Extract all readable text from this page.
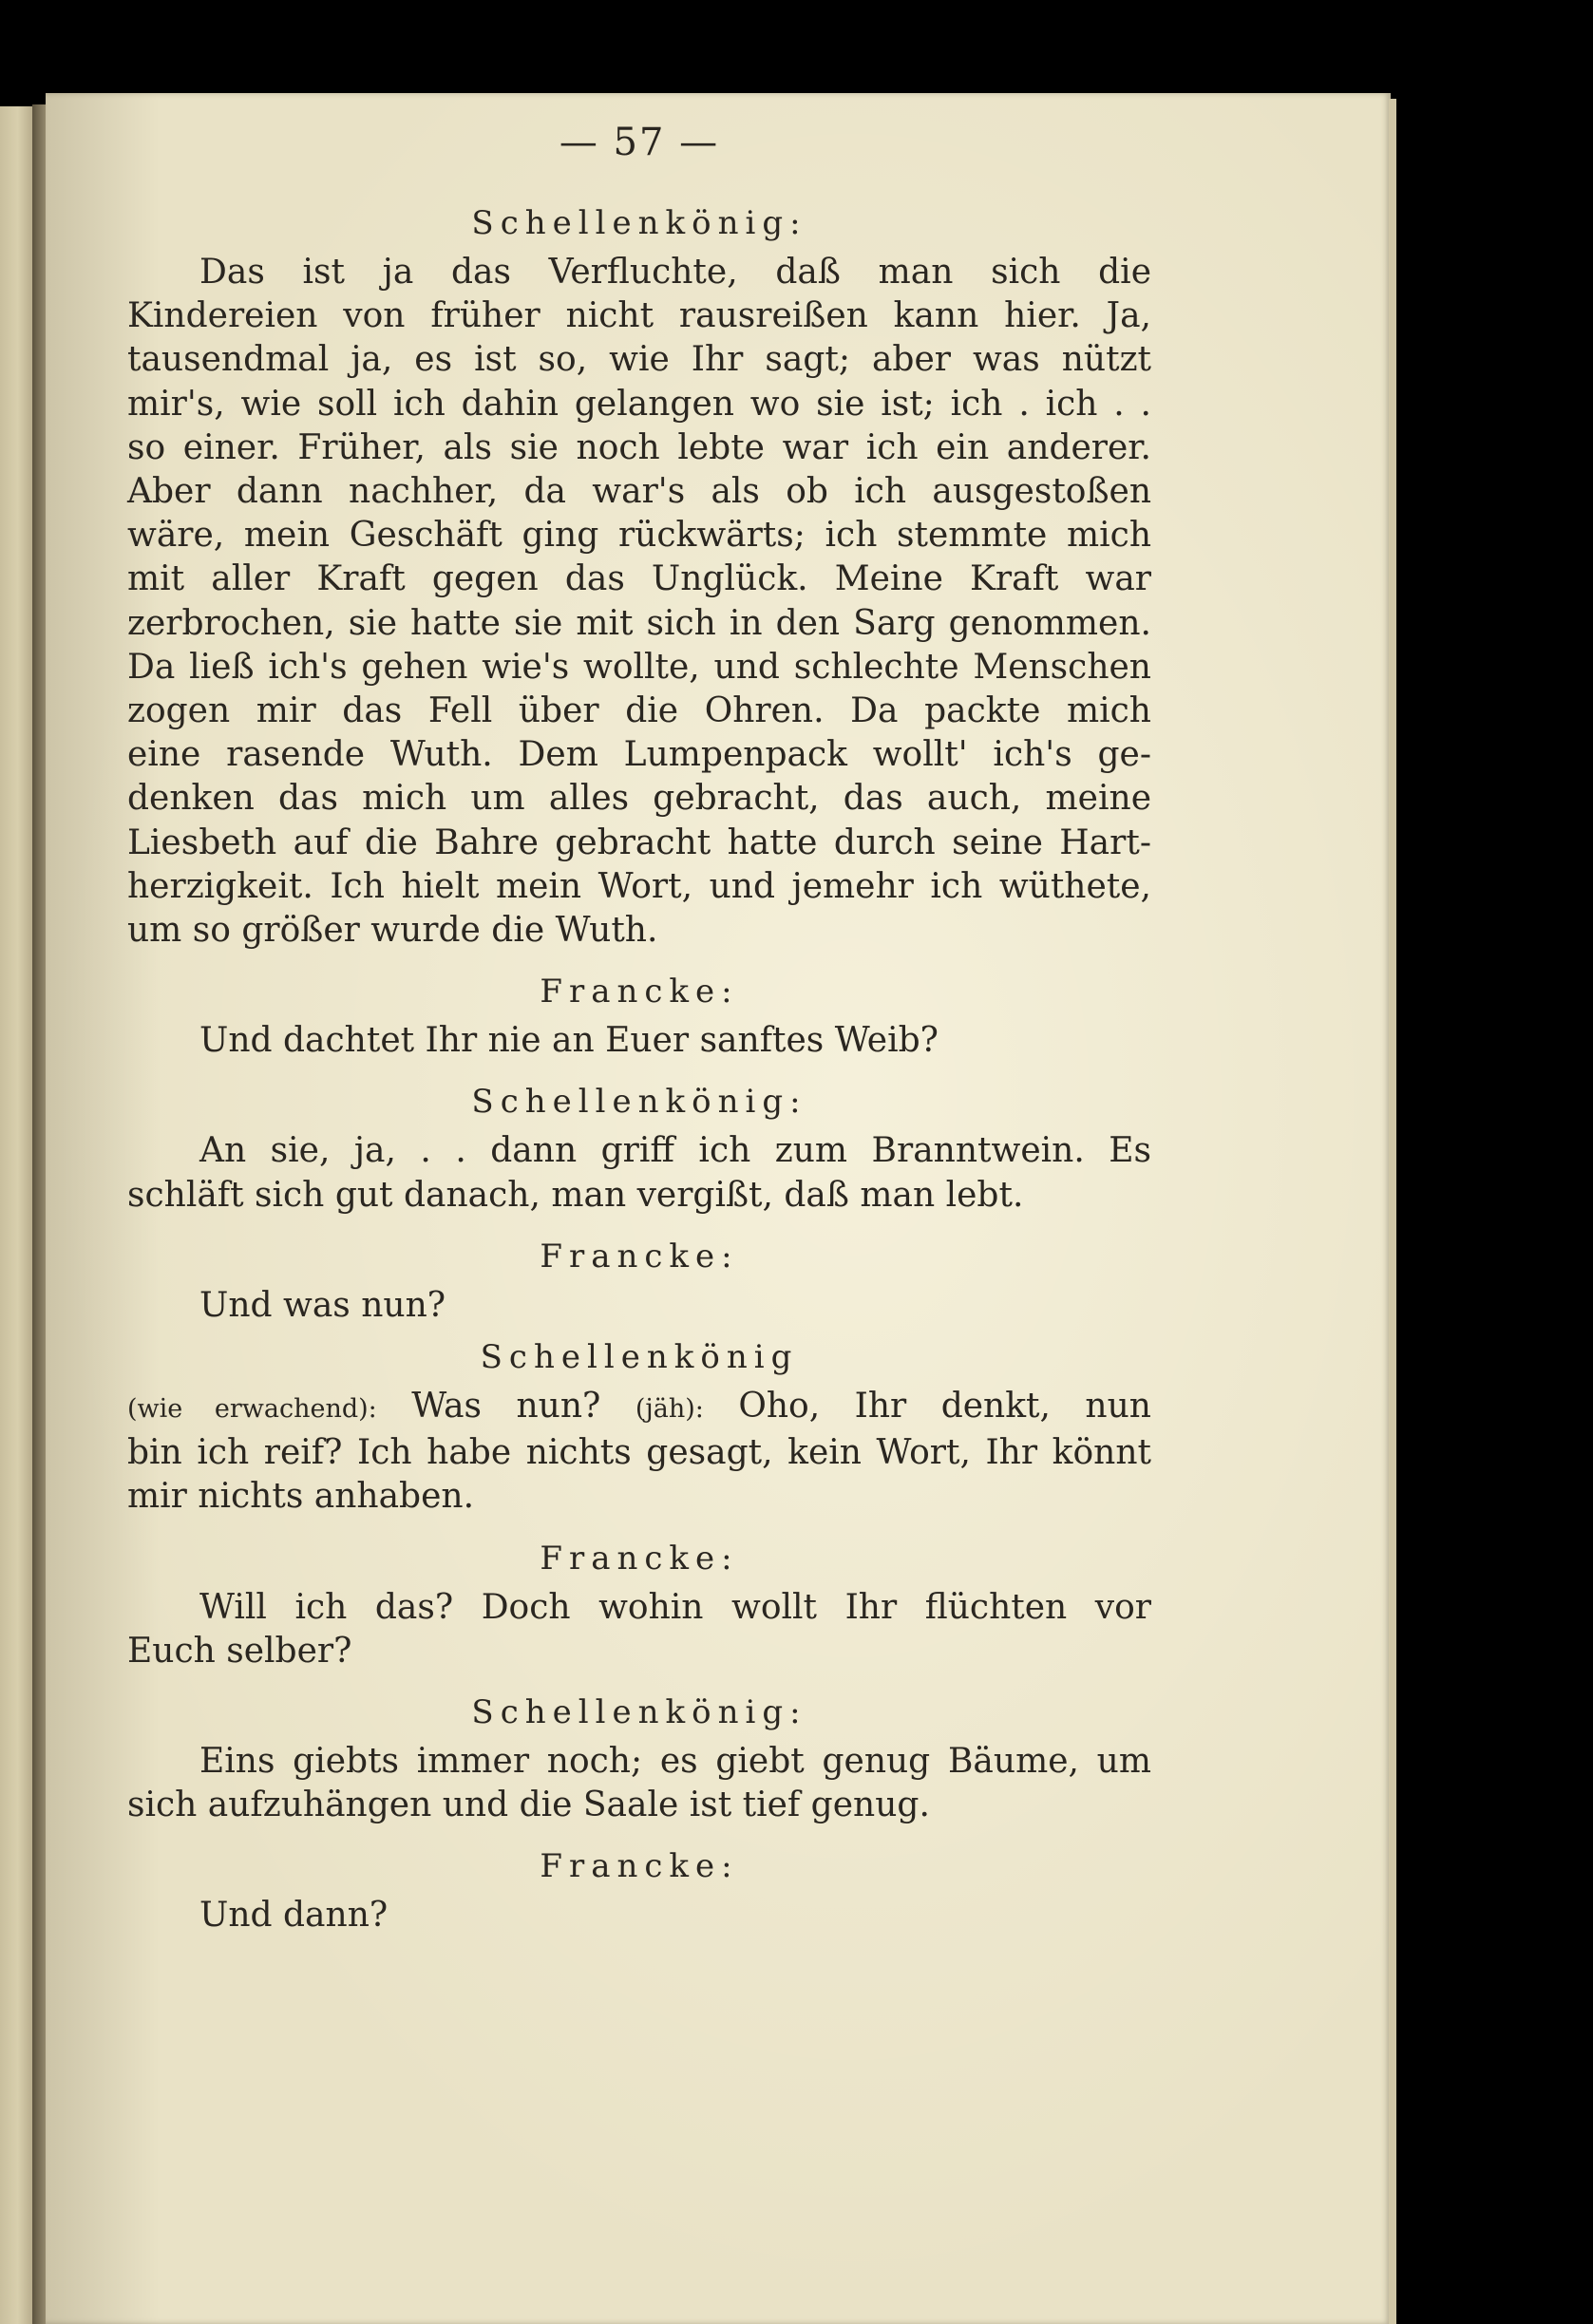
— 57 —
Schellenkönig:
Das ist ja das Verfluchte, daß man sich die
Kindereien von früher nicht rausreißen kann hier. Ja,
tausendmal ja, es ist so, wie Ihr sagt; aber was nützt
mir's, wie soll ich dahin gelangen wo sie ist; ich . ich . .
so einer. Früher, als sie noch lebte war ich ein anderer.
Aber dann nachher, da war's als ob ich ausgestoßen
wäre, mein Geschäft ging rückwärts; ich stemmte mich
mit aller Kraft gegen das Unglück. Meine Kraft war
zerbrochen, sie hatte sie mit sich in den Sarg genommen.
Da ließ ich's gehen wie's wollte, und schlechte Menschen
zogen mir das Fell über die Ohren. Da packte mich
eine rasende Wuth. Dem Lumpenpack wollt' ich's ge-
denken das mich um alles gebracht, das auch, meine
Liesbeth auf die Bahre gebracht hatte durch seine Hart-
herzigkeit. Ich hielt mein Wort, und jemehr ich wüthete,
um so größer wurde die Wuth.
Francke:
Und dachtet Ihr nie an Euer sanftes Weib?
Schellenkönig:
An sie, ja, . . dann griff ich zum Branntwein. Es
schläft sich gut danach, man vergißt, daß man lebt.
Francke:
Und was nun?
Schellenkönig
(wie erwachend): Was nun? (jäh): Oho, Ihr denkt, nun
bin ich reif? Ich habe nichts gesagt, kein Wort, Ihr könnt
mir nichts anhaben.
Francke:
Will ich das? Doch wohin wollt Ihr flüchten vor
Euch selber?
Schellenkönig:
Eins giebts immer noch; es giebt genug Bäume, um
sich aufzuhängen und die Saale ist tief genug.
Francke:
Und dann?
